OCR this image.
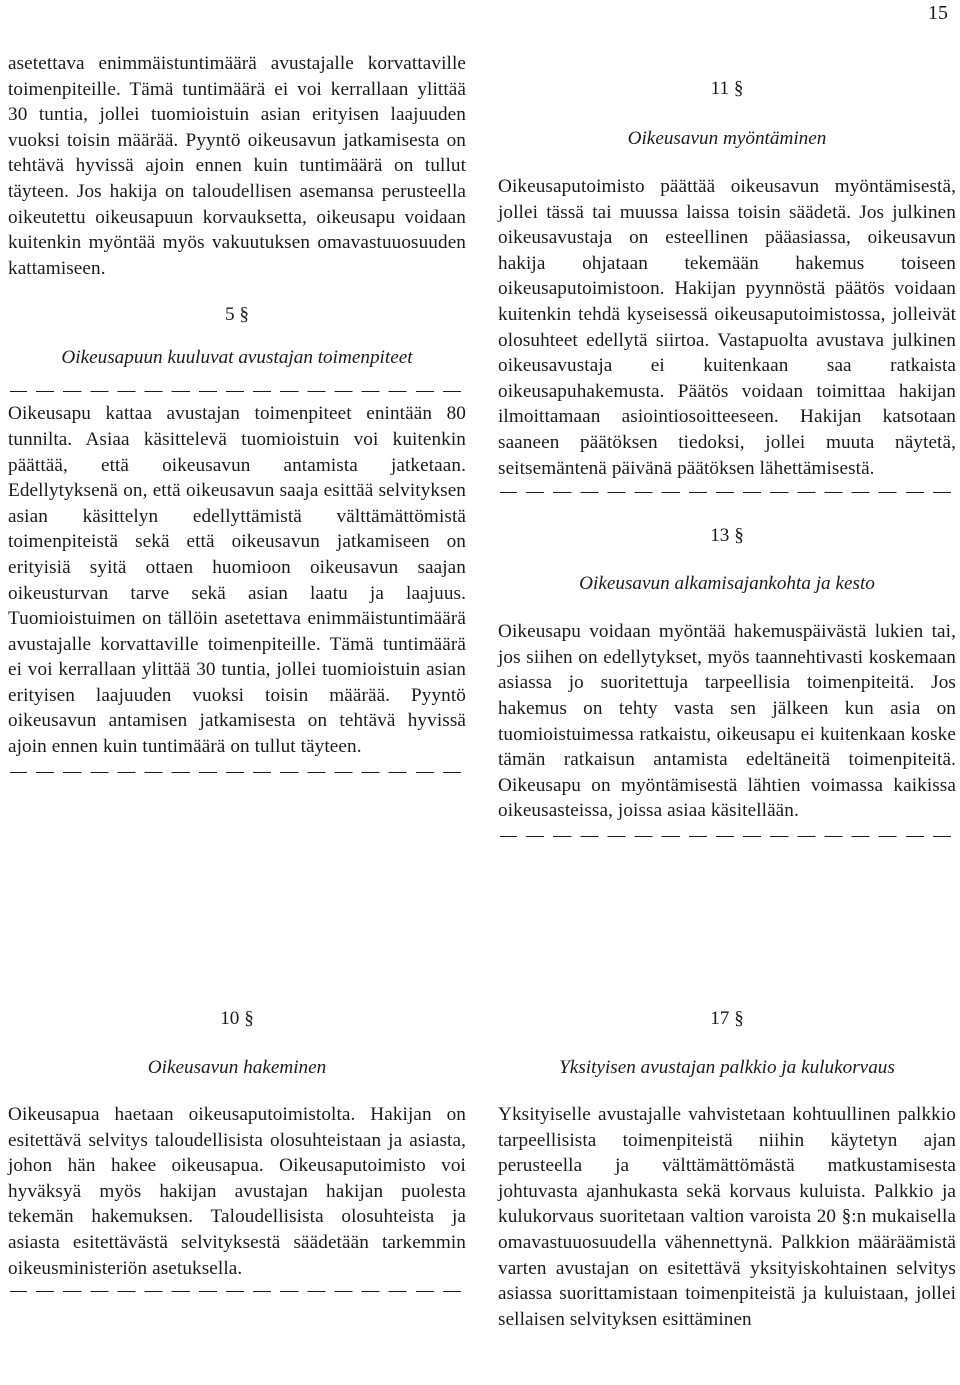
15

asetettava enimmäistuntimäärä avustajalle korvattaville toimenpiteille. Tämä tuntimäärä ei voi kerrallaan ylittää 30 tuntia, jollei tuomioistuin asian erityisen laajuuden vuoksi toisin määrää. Pyyntö oikeusavun jatkamisesta on tehtävä hyvissä ajoin ennen kuin tuntimäärä on tullut täyteen. Jos hakija on taloudellisen asemansa perusteella oikeutettu oikeusapuun korvauksetta, oikeusapu voidaan kuitenkin myöntää myös vakuutuksen omavastuuosuuden kattamiseen.

5 §
Oikeusapuun kuuluvat avustajan toimenpiteet

Oikeusapu kattaa avustajan toimenpiteet enintään 80 tunnilta. Asiaa käsittelevä tuomioistuin voi kuitenkin päättää, että oikeusavun antamista jatketaan. Edellytyksenä on, että oikeusavun saaja esittää selvityksen asian käsittelyn edellyttämistä välttämättömistä toimenpiteistä sekä että oikeusavun jatkamiseen on erityisiä syitä ottaen huomioon oikeusavun saajan oikeusturvan tarve sekä asian laatu ja laajuus. Tuomioistuimen on tällöin asetettava enimmäistuntimäärä avustajalle korvattaville toimenpiteille. Tämä tuntimäärä ei voi kerrallaan ylittää 30 tuntia, jollei tuomioistuin asian erityisen laajuuden vuoksi toisin määrää. Pyyntö oikeusavun antamisen jatkamisesta on tehtävä hyvissä ajoin ennen kuin tuntimäärä on tullut täyteen.

10 §
Oikeusavun hakeminen

Oikeusapua haetaan oikeusaputoimistolta. Hakijan on esitettävä selvitys taloudellisista olosuhteistaan ja asiasta, johon hän hakee oikeusapua. Oikeusaputoimisto voi hyväksyä myös hakijan avustajan hakijan puolesta tekemän hakemuksen. Taloudellisista olosuhteista ja asiasta esitettävästä selvityksestä säädetään tarkemmin oikeusministeriön asetuksella.

11 §
Oikeusavun myöntäminen

Oikeusaputoimisto päättää oikeusavun myöntämisestä, jollei tässä tai muussa laissa toisin säädetä. Jos julkinen oikeusavustaja on esteellinen pääasiassa, oikeusavun hakija ohjataan tekemään hakemus toiseen oikeusaputoimistoon. Hakijan pyynnöstä päätös voidaan kuitenkin tehdä kyseisessä oikeusaputoimistossa, jolleivät olosuhteet edellytä siirtoa. Vastapuolta avustava julkinen oikeusavustaja ei kuitenkaan saa ratkaista oikeusapuhakemusta. Päätös voidaan toimittaa hakijan ilmoittamaan asiointiosoitteeseen. Hakijan katsotaan saaneen päätöksen tiedoksi, jollei muuta näytetä, seitsemäntenä päivänä päätöksen lähettämisestä.

13 §
Oikeusavun alkamisajankohta ja kesto

Oikeusapu voidaan myöntää hakemuspäivästä lukien tai, jos siihen on edellytykset, myös taannehtivasti koskemaan asiassa jo suoritettuja tarpeellisia toimenpiteitä. Jos hakemus on tehty vasta sen jälkeen kun asia on tuomioistuimessa ratkaistu, oikeusapu ei kuitenkaan koske tämän ratkaisun antamista edeltäneitä toimenpiteitä. Oikeusapu on myöntämisestä lähtien voimassa kaikissa oikeusasteissa, joissa asiaa käsitellään.

17 §
Yksityisen avustajan palkkio ja kulukorvaus

Yksityiselle avustajalle vahvistetaan kohtuullinen palkkio tarpeellisista toimenpiteistä niihin käytetyn ajan perusteella ja välttämättömästä matkustamisesta johtuvasta ajanhukasta sekä korvaus kuluista. Palkkio ja kulukorvaus suoritetaan valtion varoista 20 §:n mukaisella omavastuuosuudella vähennettynä. Palkkion määräämistä varten avustajan on esitettävä yksityiskohtainen selvitys asiassa suorittamistaan toimenpiteistä ja kuluistaan, jollei sellaisen selvityksen esittäminen
